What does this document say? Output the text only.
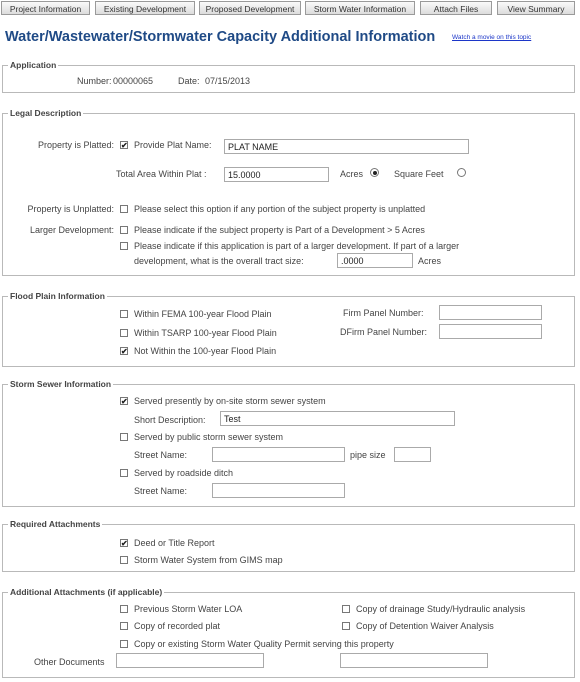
Project Information	Existing Development	Proposed Development	Storm Water Information	Attach Files	View Summary
Water/Wastewater/Stormwater Capacity Additional Information	Watch a movie on this topic
Application
Number: 00000065	Date: 07/15/2013
Legal Description
Property is Platted: ✔ Provide Plat Name:
PLAT NAME
Total Area Within Plat :
15.0000	Acres	Square Feet
Property is Unplatted: Please select this option if any portion of the subject property is unplatted
Larger Development: Please indicate if the subject property is Part of a Development > 5 Acres
Please indicate if this application is part of a larger development. If part of a larger
development, what is the overall tract size:
.0000	Acres
Flood Plain Information
Within FEMA 100-year Flood Plain	Firm Panel Number:
Within TSARP 100-year Flood Plain	DFirm Panel Number:
✔ Not Within the 100-year Flood Plain
Storm Sewer Information
✔ Served presently by on-site storm sewer system
Short Description:
Test
Served by public storm sewer system
Street Name:	pipe size
Served by roadside ditch
Street Name:
Required Attachments
✔ Deed or Title Report
Storm Water System from GIMS map
Additional Attachments (if applicable)
Previous Storm Water LOA	Copy of drainage Study/Hydraulic analysis
Copy of recorded plat	Copy of Detention Waiver Analysis
Copy or existing Storm Water Quality Permit serving this property
Other Documents
